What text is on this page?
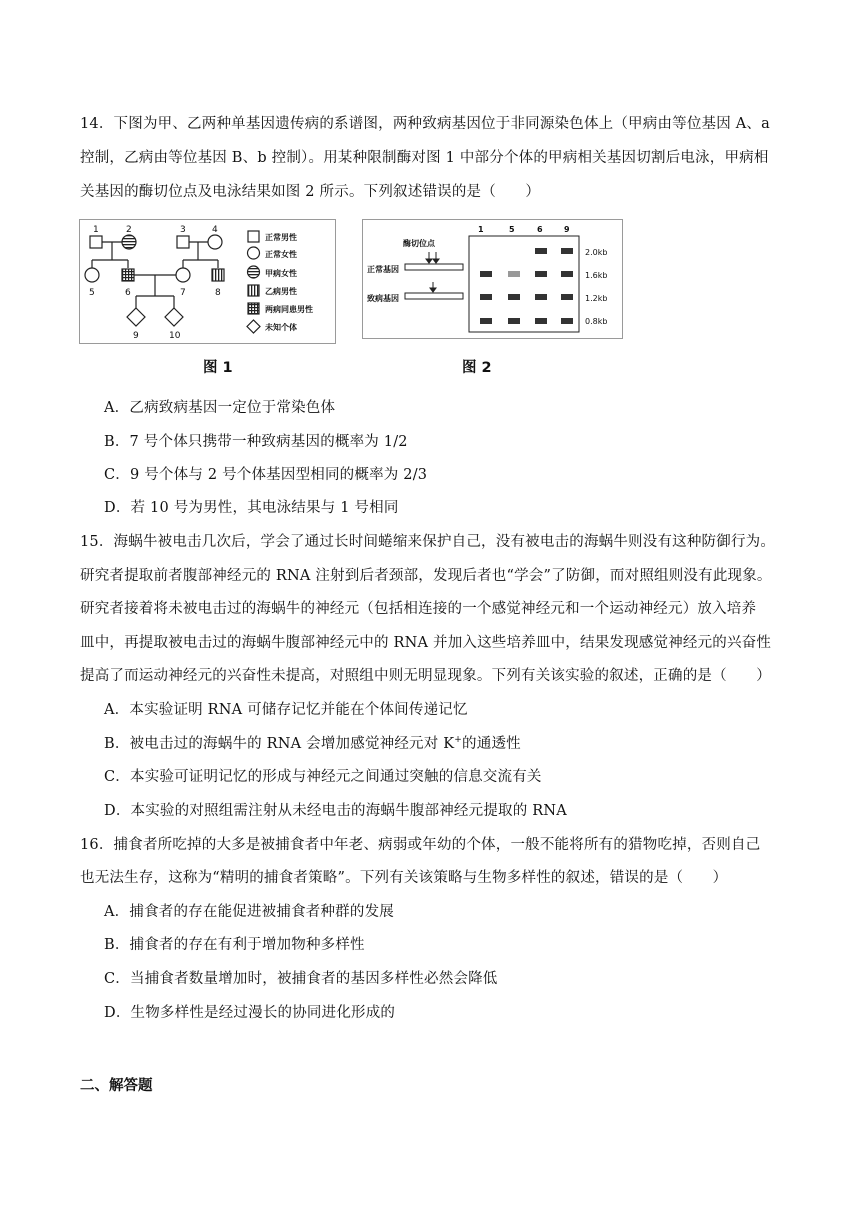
14．下图为甲、乙两种单基因遗传病的系谱图，两种致病基因位于非同源染色体上（甲病由等位基因 A、a
控制，乙病由等位基因 B、b 控制）。用某种限制酶对图 1 中部分个体的甲病相关基因切割后电泳，甲病相
关基因的酶切位点及电泳结果如图 2 所示。下列叙述错误的是（　　）
1	2	3	4
5	6	7	8
9	10
正常男性
正常女性
甲病女性
乙病男性
两病同患男性
未知个体
图 1
酶切位点
正常基因
致病基因
1	5	6	9
2.0kb
1.6kb
1.2kb
0.8kb
图 2
A．乙病致病基因一定位于常染色体
B．7 号个体只携带一种致病基因的概率为 1/2
C．9 号个体与 2 号个体基因型相同的概率为 2/3
D．若 10 号为男性，其电泳结果与 1 号相同
15．海蜗牛被电击几次后，学会了通过长时间蜷缩来保护自己，没有被电击的海蜗牛则没有这种防御行为。
研究者提取前者腹部神经元的 RNA 注射到后者颈部，发现后者也“学会”了防御，而对照组则没有此现象。
研究者接着将未被电击过的海蜗牛的神经元（包括相连接的一个感觉神经元和一个运动神经元）放入培养
皿中，再提取被电击过的海蜗牛腹部神经元中的 RNA 并加入这些培养皿中，结果发现感觉神经元的兴奋性
提高了而运动神经元的兴奋性未提高，对照组中则无明显现象。下列有关该实验的叙述，正确的是（　　）
A．本实验证明 RNA 可储存记忆并能在个体间传递记忆
B．被电击过的海蜗牛的 RNA 会增加感觉神经元对 K+的通透性
C．本实验可证明记忆的形成与神经元之间通过突触的信息交流有关
D．本实验的对照组需注射从未经电击的海蜗牛腹部神经元提取的 RNA
16．捕食者所吃掉的大多是被捕食者中年老、病弱或年幼的个体，一般不能将所有的猎物吃掉，否则自己
也无法生存，这称为“精明的捕食者策略”。下列有关该策略与生物多样性的叙述，错误的是（　　）
A．捕食者的存在能促进被捕食者种群的发展
B．捕食者的存在有利于增加物种多样性
C．当捕食者数量增加时，被捕食者的基因多样性必然会降低
D．生物多样性是经过漫长的协同进化形成的
二、解答题
